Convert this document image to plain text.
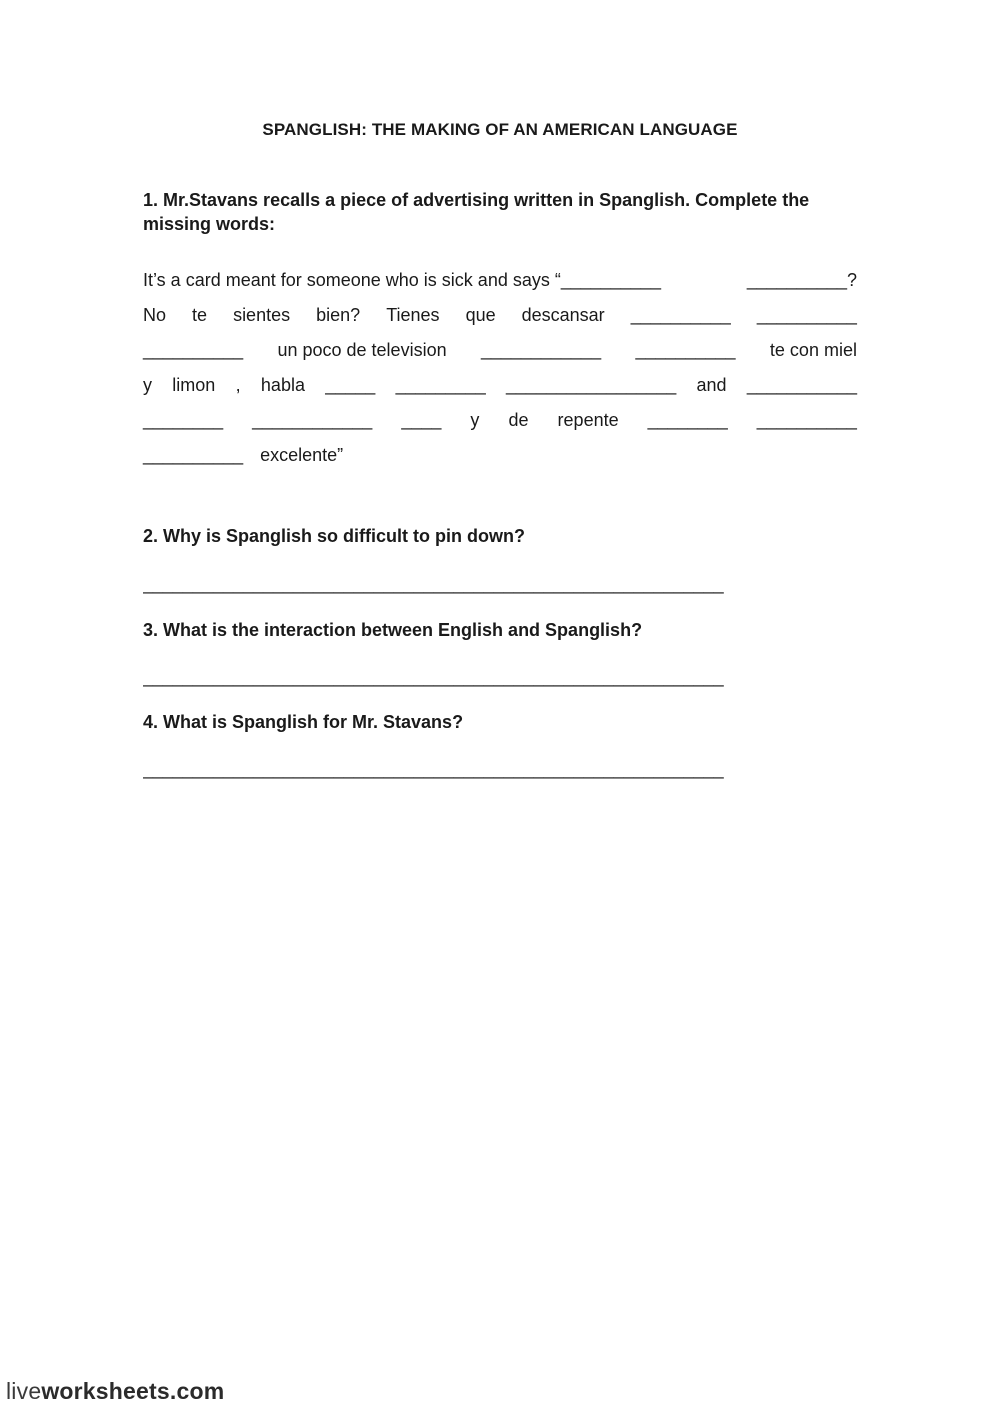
SPANGLISH: THE MAKING OF AN AMERICAN LANGUAGE
1. Mr.Stavans recalls a piece of advertising written in Spanglish. Complete the missing words:
It’s a card meant for someone who is sick and says “__________	__________?
No te sientes bien? Tienes que descansar __________ __________
__________ un poco de television ____________ __________ te con miel
y limon , habla _____ _________ _________________ and ___________
________ ____________ ____ y de repente ________ __________
__________ excelente”
2. Why is Spanglish so difficult to pin down?
__________________________________________________________
3. What is the interaction between English and Spanglish?
__________________________________________________________
4. What is Spanglish for Mr. Stavans?
__________________________________________________________
liveworksheets.com
